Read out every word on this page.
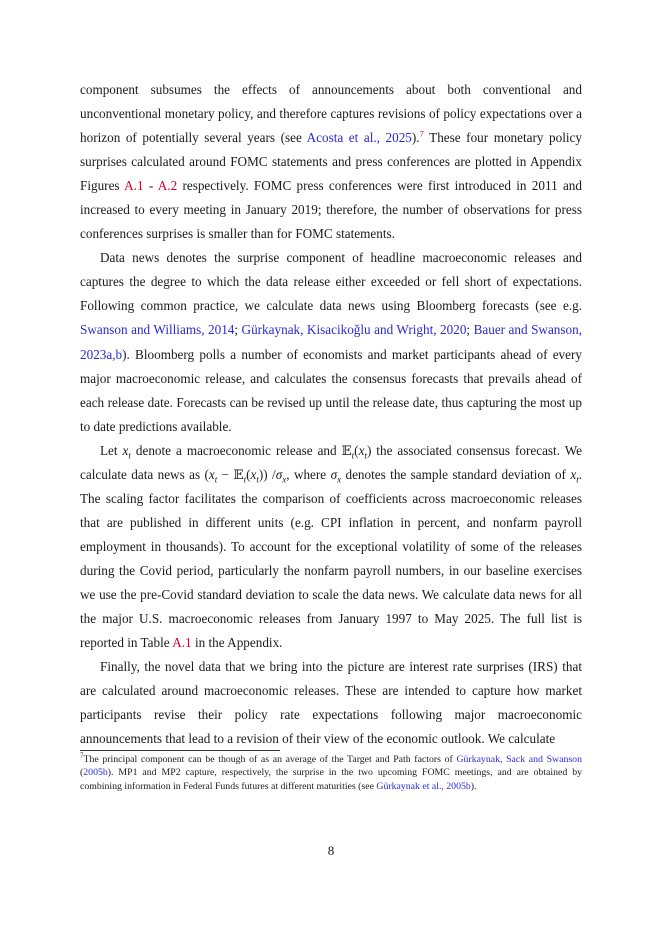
component subsumes the effects of announcements about both conventional and unconventional monetary policy, and therefore captures revisions of policy expectations over a horizon of potentially several years (see Acosta et al., 2025).$^7$ These four monetary policy surprises calculated around FOMC statements and press conferences are plotted in Appendix Figures A.1 - A.2 respectively. FOMC press conferences were first introduced in 2011 and increased to every meeting in January 2019; therefore, the number of observations for press conferences surprises is smaller than for FOMC statements.

Data news denotes the surprise component of headline macroeconomic releases and captures the degree to which the data release either exceeded or fell short of expectations. Following common practice, we calculate data news using Bloomberg forecasts (see e.g. Swanson and Williams, 2014; Gürkaynak, Kisacikoğlu and Wright, 2020; Bauer and Swanson, 2023a,b). Bloomberg polls a number of economists and market participants ahead of every major macroeconomic release, and calculates the consensus forecasts that prevails ahead of each release date. Forecasts can be revised up until the release date, thus capturing the most up to date predictions available.

Let $x_t$ denote a macroeconomic release and $𝔼_t(x_t)$ the associated consensus forecast. We calculate data news as ($x_t$ − $𝔼_t(x_t)$) $/\sigma_x$, where $\sigma_x$ denotes the sample standard deviation of $x_t$. The scaling factor facilitates the comparison of coefficients across macroeconomic releases that are published in different units (e.g. CPI inflation in percent, and nonfarm payroll employment in thousands). To account for the exceptional volatility of some of the releases during the Covid period, particularly the nonfarm payroll numbers, in our baseline exercises we use the pre-Covid standard deviation to scale the data news. We calculate data news for all the major U.S. macroeconomic releases from January 1997 to May 2025. The full list is reported in Table A.1 in the Appendix.

Finally, the novel data that we bring into the picture are interest rate surprises (IRS) that are calculated around macroeconomic releases. These are intended to capture how market participants revise their policy rate expectations following major macroeconomic announcements that lead to a revision of their view of the economic outlook. We calculate

$^7$The principal component can be though of as an average of the Target and Path factors of Gürkaynak, Sack and Swanson (2005b). MP1 and MP2 capture, respectively, the surprise in the two upcoming FOMC meetings, and are obtained by combining information in Federal Funds futures at different maturities (see Gürkaynak et al., 2005b).
8
